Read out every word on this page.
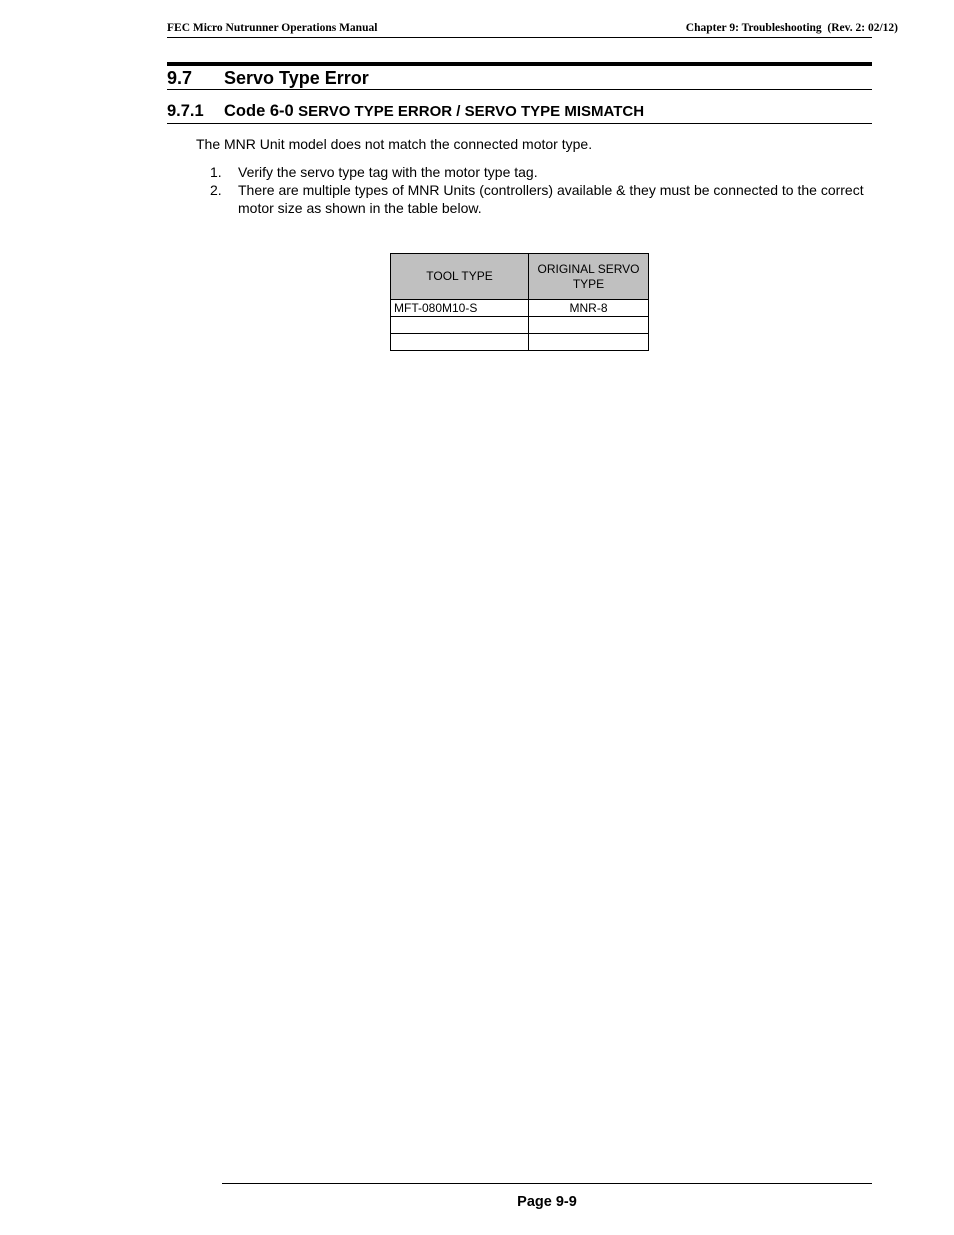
FEC Micro Nutrunner Operations Manual	Chapter 9: Troubleshooting  (Rev. 2: 02/12)
9.7 Servo Type Error
9.7.1 Code 6-0 SERVO TYPE ERROR / SERVO TYPE MISMATCH
The MNR Unit model does not match the connected motor type.
1. Verify the servo type tag with the motor type tag.
2. There are multiple types of MNR Units (controllers) available & they must be connected to the correct motor size as shown in the table below.
TOOL TYPE	ORIGINAL SERVO TYPE
MFT-080M10-S	MNR-8

Page 9-9
